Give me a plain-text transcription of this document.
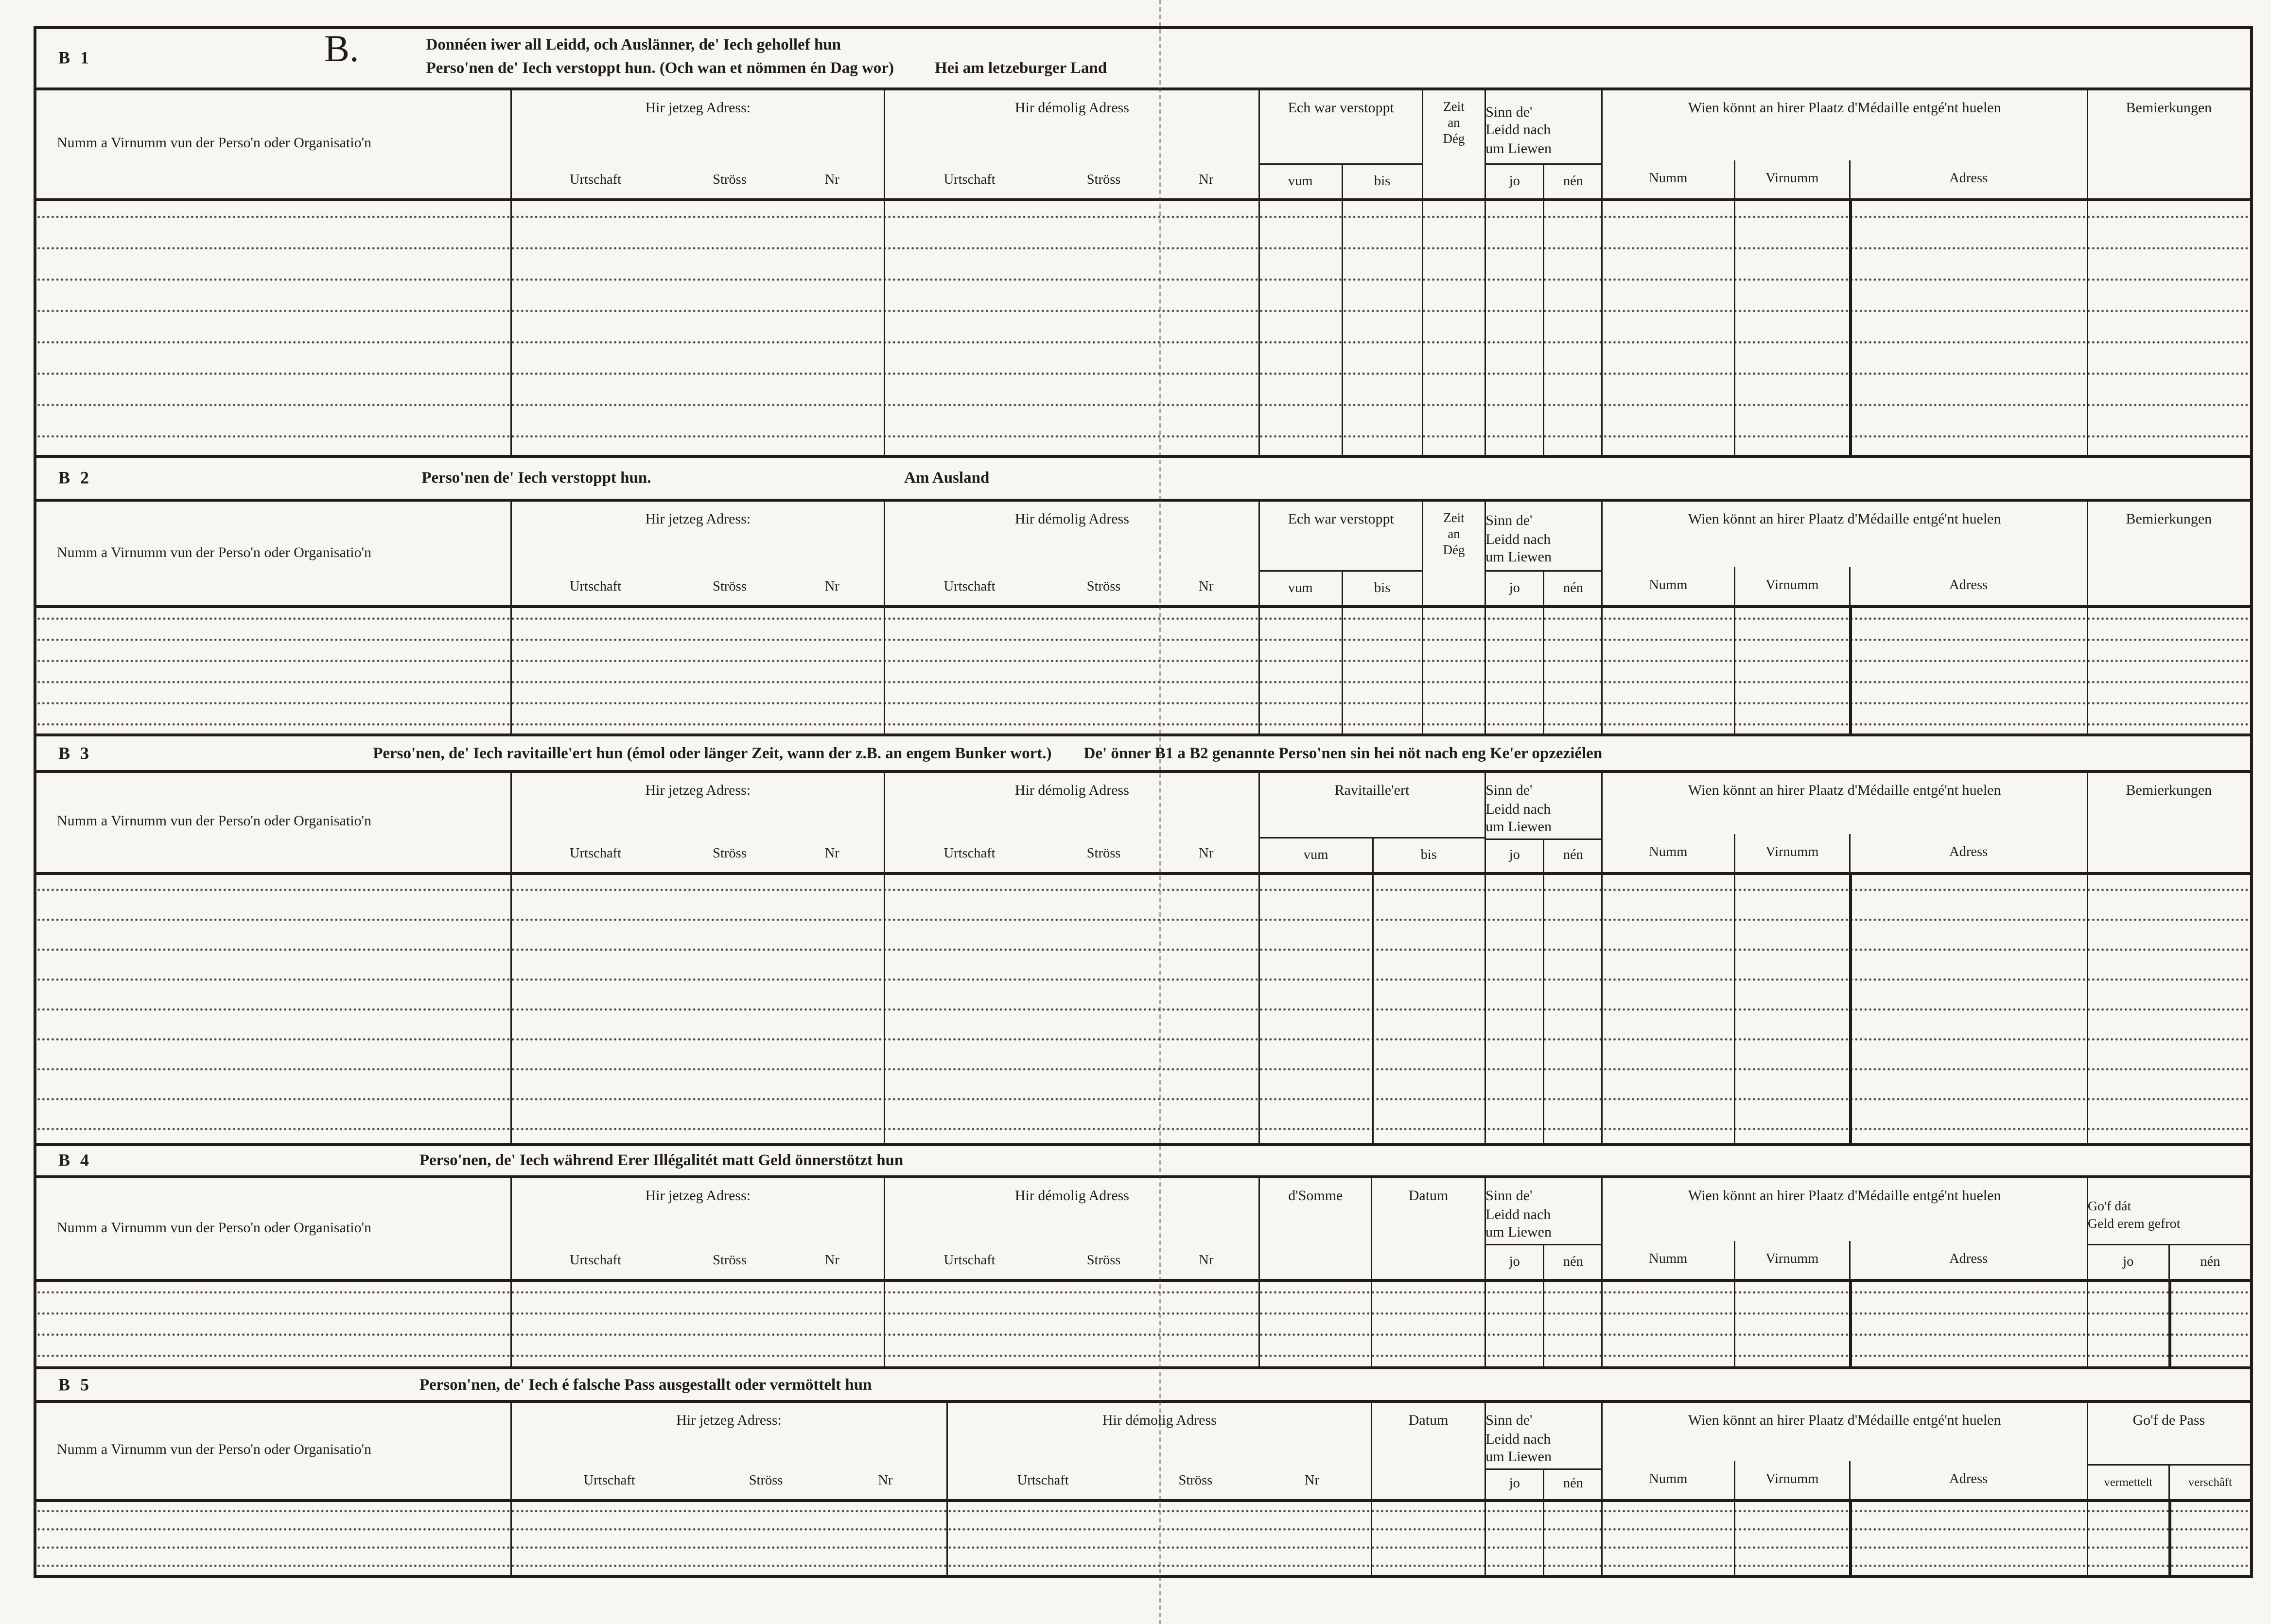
B 1	B.	Donnéen iwer all Leidd, och Auslänner, de' Iech gehollef hun
Perso'nen de' Iech verstoppt hun. (Och wan et nömmen én Dag wor)	Hei am letzeburger Land
Numm a Virnumm vun der Perso'n oder Organisatio'n
Hir jetzeg Adress:
Urtschaft	Ströss	Nr
Hir démolig Adress
Urtschaft	Ströss	Nr
Ech war verstoppt
vum	bis
Zeit
an
Dég
Sinn de'
Leidd nach
um Liewen
jo	nén
Wien könnt an hirer Plaatz d'Médaille entgé'nt huelen
Numm	Virnumm	Adress
Bemierkungen
B 2	Perso'nen de' Iech verstoppt hun.	Am Ausland
Numm a Virnumm vun der Perso'n oder Organisatio'n
Hir jetzeg Adress:
Urtschaft	Ströss	Nr
Hir démolig Adress
Urtschaft	Ströss	Nr
Ech war verstoppt
vum	bis
Zeit
an
Dég
Sinn de'
Leidd nach
um Liewen
jo	nén
Wien könnt an hirer Plaatz d'Médaille entgé'nt huelen
Numm	Virnumm	Adress
Bemierkungen
B 3	Perso'nen, de' Iech ravitaille'ert hun (émol oder länger Zeit, wann der z.B. an engem Bunker wort.)	De' önner B1 a B2 genannte Perso'nen sin hei nöt nach eng Ke'er opzeziélen
Numm a Virnumm vun der Perso'n oder Organisatio'n
Hir jetzeg Adress:
Urtschaft	Ströss	Nr
Hir démolig Adress
Urtschaft	Ströss	Nr
Ravitaille'ert
vum	bis
Sinn de'
Leidd nach
um Liewen
jo	nén
Wien könnt an hirer Plaatz d'Médaille entgé'nt huelen
Numm	Virnumm	Adress
Bemierkungen
B 4	Perso'nen, de' Iech während Erer Illégalitét matt Geld önnerstötzt hun
Numm a Virnumm vun der Perso'n oder Organisatio'n
Hir jetzeg Adress:
Urtschaft	Ströss	Nr
Hir démolig Adress
Urtschaft	Ströss	Nr
d'Somme	Datum	Sinn de'
Leidd nach
um Liewen
jo	nén
Wien könnt an hirer Plaatz d'Médaille entgé'nt huelen
Numm	Virnumm	Adress
Go'f dát
Geld erem gefrot
jo	nén
B 5	Person'nen, de' Iech é falsche Pass ausgestallt oder vermöttelt hun
Numm a Virnumm vun der Perso'n oder Organisatio'n
Hir jetzeg Adress:
Urtschaft	Ströss	Nr
Hir démolig Adress
Urtschaft	Ströss	Nr
Datum	Sinn de'
Leidd nach
um Liewen
jo	nén
Wien könnt an hirer Plaatz d'Médaille entgé'nt huelen
Numm	Virnumm	Adress
Go'f de Pass
vermettelt	verschâft
